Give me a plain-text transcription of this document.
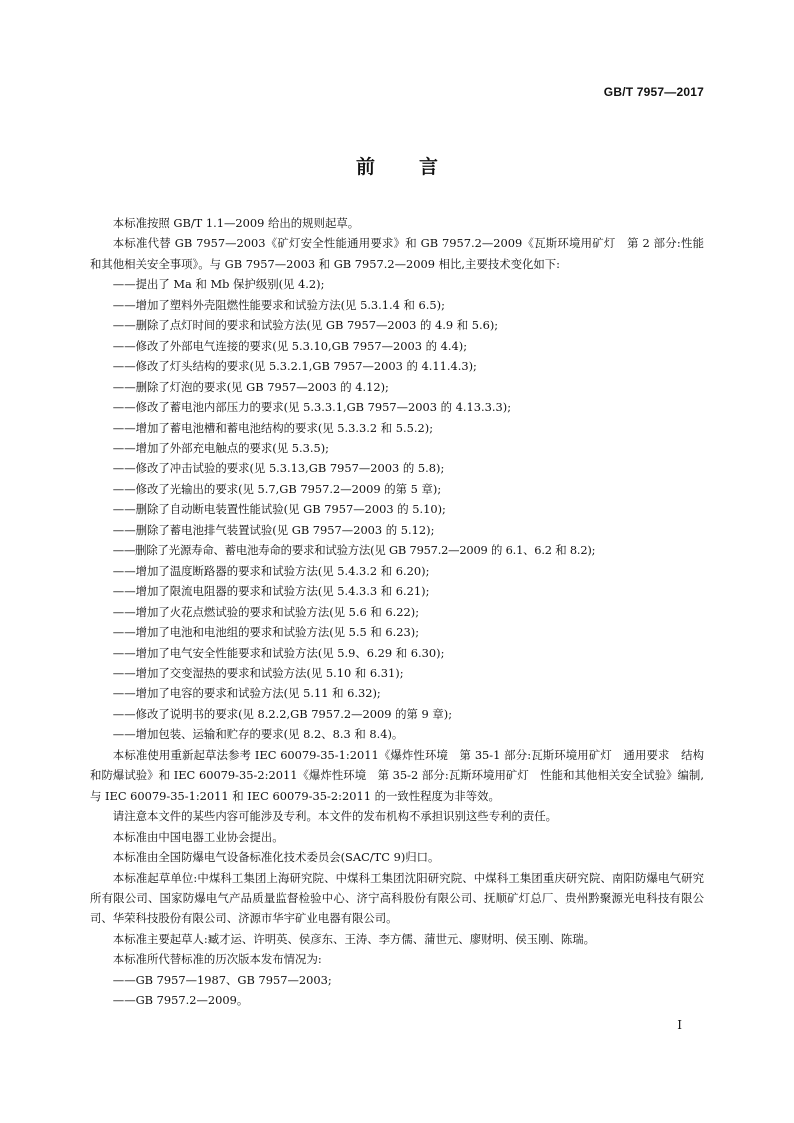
GB/T 7957—2017
前言

本标准按照 GB/T 1.1—2009 给出的规则起草。

本标准代替 GB 7957—2003《矿灯安全性能通用要求》和 GB 7957.2—2009《瓦斯环境用矿灯　第 2 部分:性能和其他相关安全事项》。与 GB 7957—2003 和 GB 7957.2—2009 相比,主要技术变化如下:

——提出了 Ma 和 Mb 保护级别(见 4.2);

——增加了塑料外壳阻燃性能要求和试验方法(见 5.3.1.4 和 6.5);

——删除了点灯时间的要求和试验方法(见 GB 7957—2003 的 4.9 和 5.6);

——修改了外部电气连接的要求(见 5.3.10,GB 7957—2003 的 4.4);

——修改了灯头结构的要求(见 5.3.2.1,GB 7957—2003 的 4.11.4.3);

——删除了灯泡的要求(见 GB 7957—2003 的 4.12);

——修改了蓄电池内部压力的要求(见 5.3.3.1,GB 7957—2003 的 4.13.3.3);

——增加了蓄电池槽和蓄电池结构的要求(见 5.3.3.2 和 5.5.2);

——增加了外部充电触点的要求(见 5.3.5);

——修改了冲击试验的要求(见 5.3.13,GB 7957—2003 的 5.8);

——修改了光输出的要求(见 5.7,GB 7957.2—2009 的第 5 章);

——删除了自动断电装置性能试验(见 GB 7957—2003 的 5.10);

——删除了蓄电池排气装置试验(见 GB 7957—2003 的 5.12);

——删除了光源寿命、蓄电池寿命的要求和试验方法(见 GB 7957.2—2009 的 6.1、6.2 和 8.2);

——增加了温度断路器的要求和试验方法(见 5.4.3.2 和 6.20);

——增加了限流电阻器的要求和试验方法(见 5.4.3.3 和 6.21);

——增加了火花点燃试验的要求和试验方法(见 5.6 和 6.22);

——增加了电池和电池组的要求和试验方法(见 5.5 和 6.23);

——增加了电气安全性能要求和试验方法(见 5.9、6.29 和 6.30);

——增加了交变湿热的要求和试验方法(见 5.10 和 6.31);

——增加了电容的要求和试验方法(见 5.11 和 6.32);

——修改了说明书的要求(见 8.2.2,GB 7957.2—2009 的第 9 章);

——增加包装、运输和贮存的要求(见 8.2、8.3 和 8.4)。

本标准使用重新起草法参考 IEC 60079-35-1:2011《爆炸性环境　第 35-1 部分:瓦斯环境用矿灯　通用要求　结构和防爆试验》和 IEC 60079-35-2:2011《爆炸性环境　第 35-2 部分:瓦斯环境用矿灯　性能和其他相关安全试验》编制,与 IEC 60079-35-1:2011 和 IEC 60079-35-2:2011 的一致性程度为非等效。

请注意本文件的某些内容可能涉及专利。本文件的发布机构不承担识别这些专利的责任。

本标准由中国电器工业协会提出。

本标准由全国防爆电气设备标准化技术委员会(SAC/TC 9)归口。

本标准起草单位:中煤科工集团上海研究院、中煤科工集团沈阳研究院、中煤科工集团重庆研究院、南阳防爆电气研究所有限公司、国家防爆电气产品质量监督检验中心、济宁高科股份有限公司、抚顺矿灯总厂、贵州黔聚源光电科技有限公司、华荣科技股份有限公司、济源市华宇矿业电器有限公司。

本标准主要起草人:臧才运、许明英、侯彦东、王涛、李方儒、蒲世元、廖财明、侯玉刚、陈瑞。

本标准所代替标准的历次版本发布情况为:

——GB 7957—1987、GB 7957—2003;

——GB 7957.2—2009。

I
